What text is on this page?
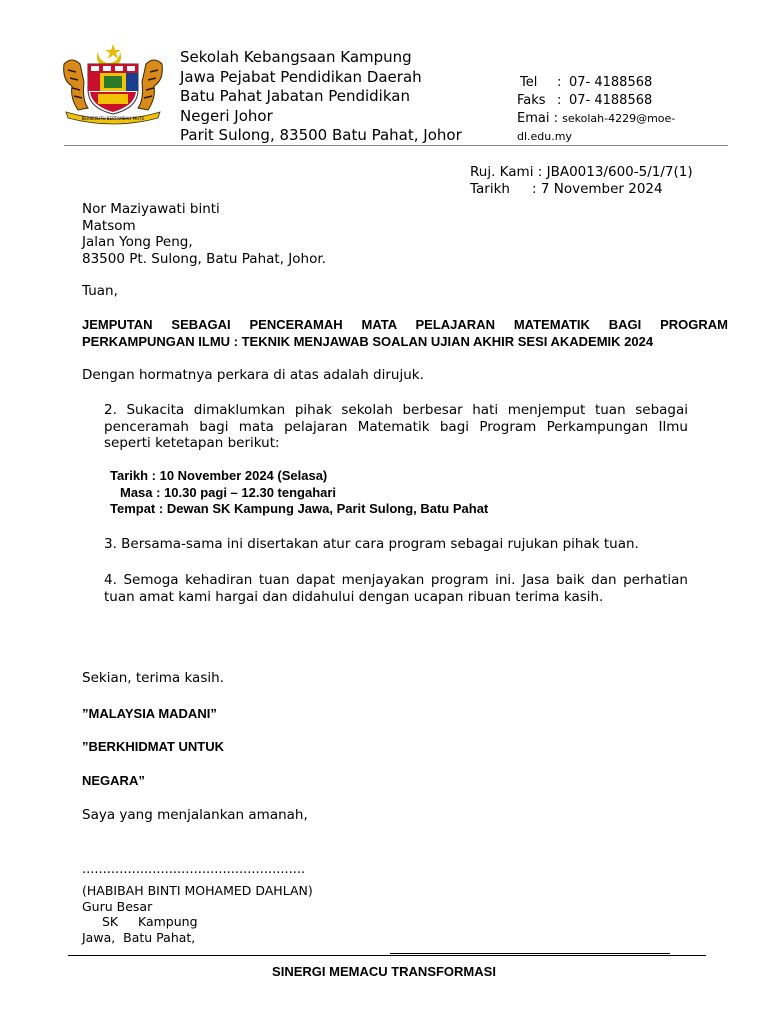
BERSEKUTU BERTAMBAH MUTU
Sekolah Kebangsaan Kampung
Jawa Pejabat Pendidikan Daerah
Batu Pahat Jabatan Pendidikan
Negeri Johor
Parit Sulong, 83500 Batu Pahat, Johor
Tel : 07- 4188568
Faks : 07- 4188568
Emai : sekolah-4229@moe-
dl.edu.my
Ruj. Kami : JBA0013/600-5/1/7(1)
Tarikh : 7 November 2024
Nor Maziyawati binti
Matsom
Jalan Yong Peng,
83500 Pt. Sulong, Batu Pahat, Johor.
Tuan,
JEMPUTAN SEBAGAI PENCERAMAH MATA PELAJARAN MATEMATIK BAGI PROGRAM PERKAMPUNGAN ILMU : TEKNIK MENJAWAB SOALAN UJIAN AKHIR SESI AKADEMIK 2024
Dengan hormatnya perkara di atas adalah dirujuk.
2. Sukacita dimaklumkan pihak sekolah berbesar hati menjemput tuan sebagai penceramah bagi mata pelajaran Matematik bagi Program Perkampungan Ilmu seperti ketetapan berikut:
Tarikh : 10 November 2024 (Selasa)
Masa : 10.30 pagi – 12.30 tengahari
Tempat : Dewan SK Kampung Jawa, Parit Sulong, Batu Pahat
3. Bersama-sama ini disertakan atur cara program sebagai rujukan pihak tuan.
4. Semoga kehadiran tuan dapat menjayakan program ini. Jasa baik dan perhatian tuan amat kami hargai dan didahului dengan ucapan ribuan terima kasih.
Sekian, terima kasih.
”MALAYSIA MADANI”
”BERKHIDMAT UNTUK
NEGARA”
Saya yang menjalankan amanah,
......................................................
(HABIBAH BINTI MOHAMED DAHLAN)
Guru Besar
SK     Kampung
Jawa,  Batu Pahat,
SINERGI MEMACU TRANSFORMASI
